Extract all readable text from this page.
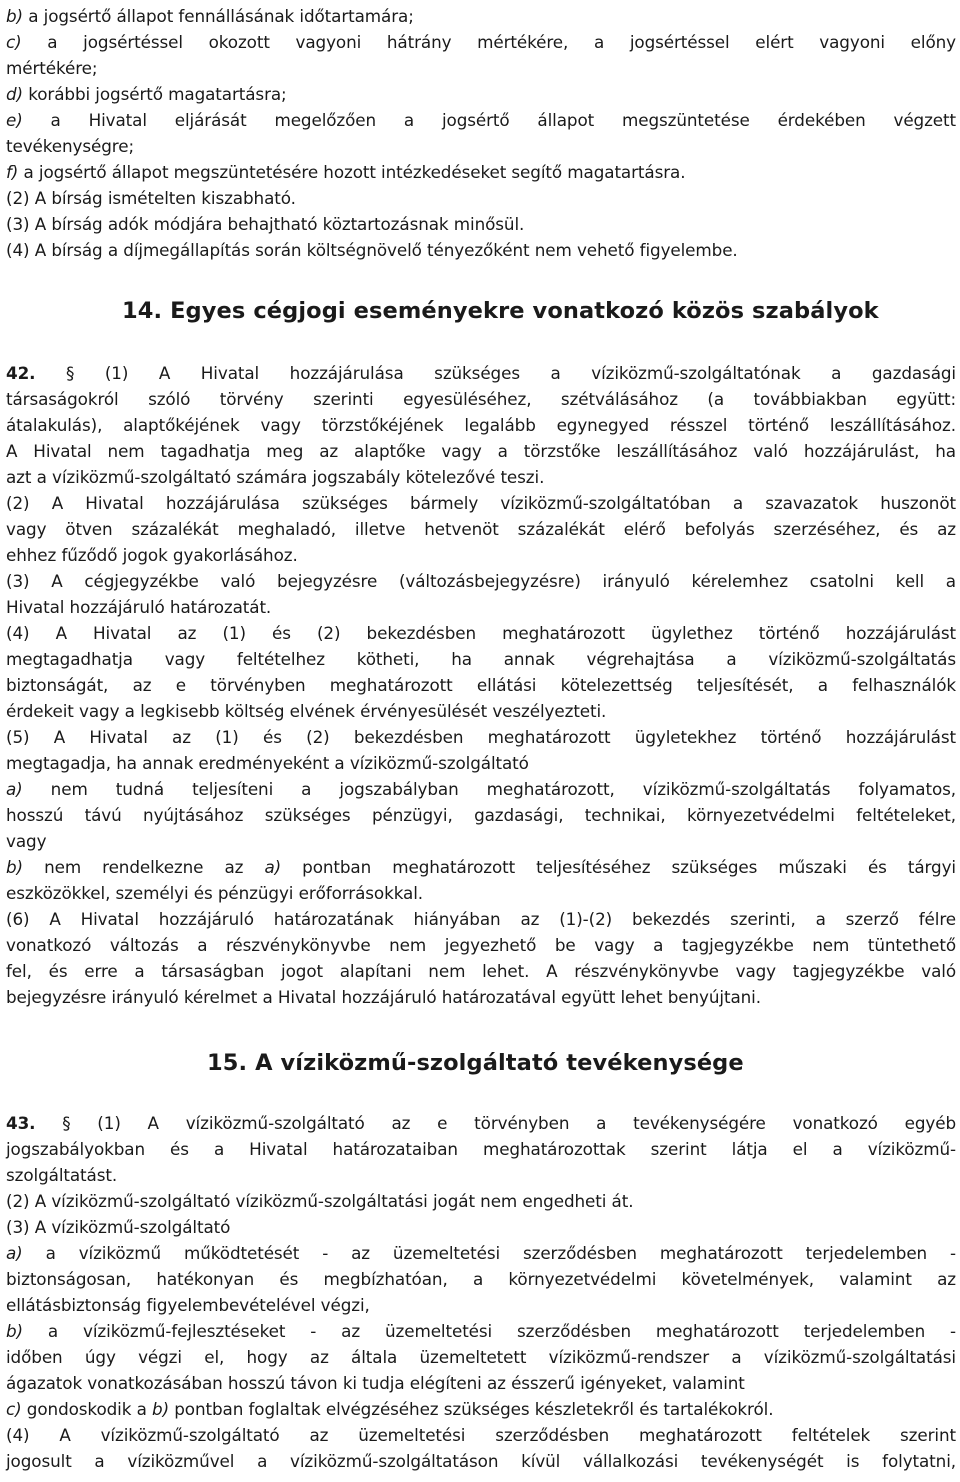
b) a jogsértő állapot fennállásának időtartamára;
c) a jogsértéssel okozott vagyoni hátrány mértékére, a jogsértéssel elért vagyoni előny
mértékére;
d) korábbi jogsértő magatartásra;
e) a Hivatal eljárását megelőzően a jogsértő állapot megszüntetése érdekében végzett
tevékenységre;
f) a jogsértő állapot megszüntetésére hozott intézkedéseket segítő magatartásra.
(2) A bírság ismételten kiszabható.
(3) A bírság adók módjára behajtható köztartozásnak minősül.
(4) A bírság a díjmegállapítás során költségnövelő tényezőként nem vehető figyelembe.
42. § (1) A Hivatal hozzájárulása szükséges a víziközmű-szolgáltatónak a gazdasági
társaságokról szóló törvény szerinti egyesüléséhez, szétválásához (a továbbiakban együtt:
átalakulás), alaptőkéjének vagy törzstőkéjének legalább egynegyed résszel történő leszállításához.
A Hivatal nem tagadhatja meg az alaptőke vagy a törzstőke leszállításához való hozzájárulást, ha
azt a víziközmű-szolgáltató számára jogszabály kötelezővé teszi.
(2) A Hivatal hozzájárulása szükséges bármely víziközmű-szolgáltatóban a szavazatok huszonöt
vagy ötven százalékát meghaladó, illetve hetvenöt százalékát elérő befolyás szerzéséhez, és az
ehhez fűződő jogok gyakorlásához.
(3) A cégjegyzékbe való bejegyzésre (változásbejegyzésre) irányuló kérelemhez csatolni kell a
Hivatal hozzájáruló határozatát.
(4) A Hivatal az (1) és (2) bekezdésben meghatározott ügylethez történő hozzájárulást
megtagadhatja vagy feltételhez kötheti, ha annak végrehajtása a víziközmű-szolgáltatás
biztonságát, az e törvényben meghatározott ellátási kötelezettség teljesítését, a felhasználók
érdekeit vagy a legkisebb költség elvének érvényesülését veszélyezteti.
(5) A Hivatal az (1) és (2) bekezdésben meghatározott ügyletekhez történő hozzájárulást
megtagadja, ha annak eredményeként a víziközmű-szolgáltató
a) nem tudná teljesíteni a jogszabályban meghatározott, víziközmű-szolgáltatás folyamatos,
hosszú távú nyújtásához szükséges pénzügyi, gazdasági, technikai, környezetvédelmi feltételeket,
vagy
b) nem rendelkezne az a) pontban meghatározott teljesítéséhez szükséges műszaki és tárgyi
eszközökkel, személyi és pénzügyi erőforrásokkal.
(6) A Hivatal hozzájáruló határozatának hiányában az (1)-(2) bekezdés szerinti, a szerző félre
vonatkozó változás a részvénykönyvbe nem jegyezhető be vagy a tagjegyzékbe nem tüntethető
fel, és erre a társaságban jogot alapítani nem lehet. A részvénykönyvbe vagy tagjegyzékbe való
bejegyzésre irányuló kérelmet a Hivatal hozzájáruló határozatával együtt lehet benyújtani.
43. § (1) A víziközmű-szolgáltató az e törvényben a tevékenységére vonatkozó egyéb
jogszabályokban és a Hivatal határozataiban meghatározottak szerint látja el a víziközmű-
szolgáltatást.
(2) A víziközmű-szolgáltató víziközmű-szolgáltatási jogát nem engedheti át.
(3) A víziközmű-szolgáltató
a) a víziközmű működtetését - az üzemeltetési szerződésben meghatározott terjedelemben -
biztonságosan, hatékonyan és megbízhatóan, a környezetvédelmi követelmények, valamint az
ellátásbiztonság figyelembevételével végzi,
b) a víziközmű-fejlesztéseket - az üzemeltetési szerződésben meghatározott terjedelemben -
időben úgy végzi el, hogy az általa üzemeltetett víziközmű-rendszer a víziközmű-szolgáltatási
ágazatok vonatkozásában hosszú távon ki tudja elégíteni az ésszerű igényeket, valamint
c) gondoskodik a b) pontban foglaltak elvégzéséhez szükséges készletekről és tartalékokról.
(4) A víziközmű-szolgáltató az üzemeltetési szerződésben meghatározott feltételek szerint
jogosult a víziközművel a víziközmű-szolgáltatáson kívül vállalkozási tevékenységét is folytatni,
14. Egyes cégjogi eseményekre vonatkozó közös szabályok
15. A víziközmű-szolgáltató tevékenysége
